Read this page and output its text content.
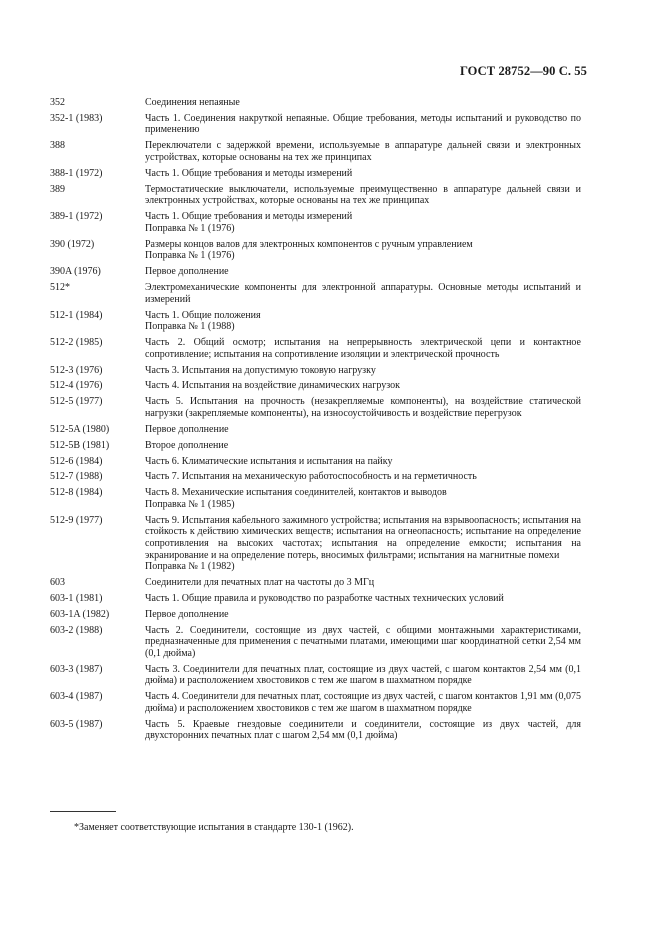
ГОСТ 28752—90 С. 55
352	Соединения непаяные
352-1 (1983)	Часть 1. Соединения накруткой непаяные. Общие требования, методы испытаний и руководство по применению
388	Переключатели с задержкой времени, используемые в аппаратуре дальней связи и электронных устройствах, которые основаны на тех же принципах
388-1 (1972)	Часть 1. Общие требования и методы измерений
389	Термостатические выключатели, используемые преимущественно в аппаратуре дальней связи и электронных устройствах, которые основаны на тех же принципах
389-1 (1972)	Часть 1. Общие требования и методы измерений
Поправка № 1 (1976)
390 (1972)	Размеры концов валов для электронных компонентов с ручным управлением
Поправка № 1 (1976)
390A (1976)	Первое дополнение
512*	Электромеханические компоненты для электронной аппаратуры. Основные методы испытаний и измерений
512-1 (1984)	Часть 1. Общие положения
Поправка № 1 (1988)
512-2 (1985)	Часть 2. Общий осмотр; испытания на непрерывность электрической цепи и контактное сопротивление; испытания на сопротивление изоляции и электрической прочность
512-3 (1976)	Часть 3. Испытания на допустимую токовую нагрузку
512-4 (1976)	Часть 4. Испытания на воздействие динамических нагрузок
512-5 (1977)	Часть 5. Испытания на прочность (незакрепляемые компоненты), на воздействие статической нагрузки (закрепляемые компоненты), на износоустойчивость и воздействие перегрузок
512-5A (1980)	Первое дополнение
512-5B (1981)	Второе дополнение
512-6 (1984)	Часть 6. Климатические испытания и испытания на пайку
512-7 (1988)	Часть 7. Испытания на механическую работоспособность и на герметичность
512-8 (1984)	Часть 8. Механические испытания соединителей, контактов и выводов
Поправка № 1 (1985)
512-9 (1977)	Часть 9. Испытания кабельного зажимного устройства; испытания на взрывоопасность; испытания на стойкость к действию химических веществ; испытания на огнеопасность; испытание на определение сопротивления на высоких частотах; испытания на определение емкости; испытания на экранирование и на определение потерь, вносимых фильтрами; испытания на магнитные помехи
Поправка № 1 (1982)
603	Соединители для печатных плат на частоты до 3 МГц
603-1 (1981)	Часть 1. Общие правила и руководство по разработке частных технических условий
603-1A (1982)	Первое дополнение
603-2 (1988)	Часть 2. Соединители, состоящие из двух частей, с общими монтажными характеристиками, предназначенные для применения с печатными платами, имеющими шаг координатной сетки 2,54 мм (0,1 дюйма)
603-3 (1987)	Часть 3. Соединители для печатных плат, состоящие из двух частей, с шагом контактов 2,54 мм (0,1 дюйма) и расположением хвостовиков с тем же шагом в шахматном порядке
603-4 (1987)	Часть 4. Соединители для печатных плат, состоящие из двух частей, с шагом контактов 1,91 мм (0,075 дюйма) и расположением хвостовиков с тем же шагом в шахматном порядке
603-5 (1987)	Часть 5. Краевые гнездовые соединители и соединители, состоящие из двух частей, для двухсторонних печатных плат с шагом 2,54 мм (0,1 дюйма)
*Заменяет соответствующие испытания в стандарте 130-1 (1962).
